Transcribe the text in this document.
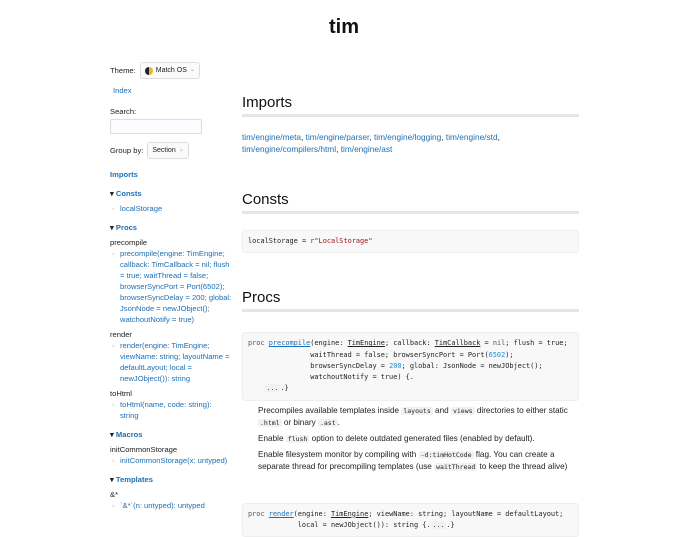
tim
Theme:	Match OS ⌄
Index
Search:
Group by: Section ⌄
Imports
▾ Consts
◦ localStorage
▾ Procs
precompile
◦ precompile(engine: TimEngine; callback: TimCallback = nil; flush = true; waitThread = false; browserSyncPort = Port(6502); browserSyncDelay = 200; global: JsonNode = newJObject(); watchoutNotify = true)
render
◦ render(engine: TimEngine; viewName: string; layoutName = defaultLayout; local = newJObject()): string
toHtml
◦ toHtml(name, code: string): string
▾ Macros
initCommonStorage
◦ initCommonStorage(x: untyped)
▾ Templates
&*
◦ `&*`(n: untyped): untyped
Imports
tim/engine/meta, tim/engine/parser, tim/engine/logging, tim/engine/std, tim/engine/compilers/html, tim/engine/ast
Consts
localStorage = r"LocalStorage"
Procs
proc precompile(engine: TimEngine; callback: TimCallback = nil; flush = true;
waitThread = false; browserSyncPort = Port(6502);
browserSyncDelay = 200; global: JsonNode = newJObject();
watchoutNotify = true) {.
... .}

Precompiles available templates inside layouts and views directories to either static .html or binary .ast .

Enable flush option to delete outdated generated files (enabled by default).

Enable filesystem monitor by compiling with -d:timHotCode flag. You can create a separate thread for precompiling templates (use waitThread to keep the thread alive)

proc render(engine: TimEngine; viewName: string; layoutName = defaultLayout;
local = newJObject()): string {. ... .}
